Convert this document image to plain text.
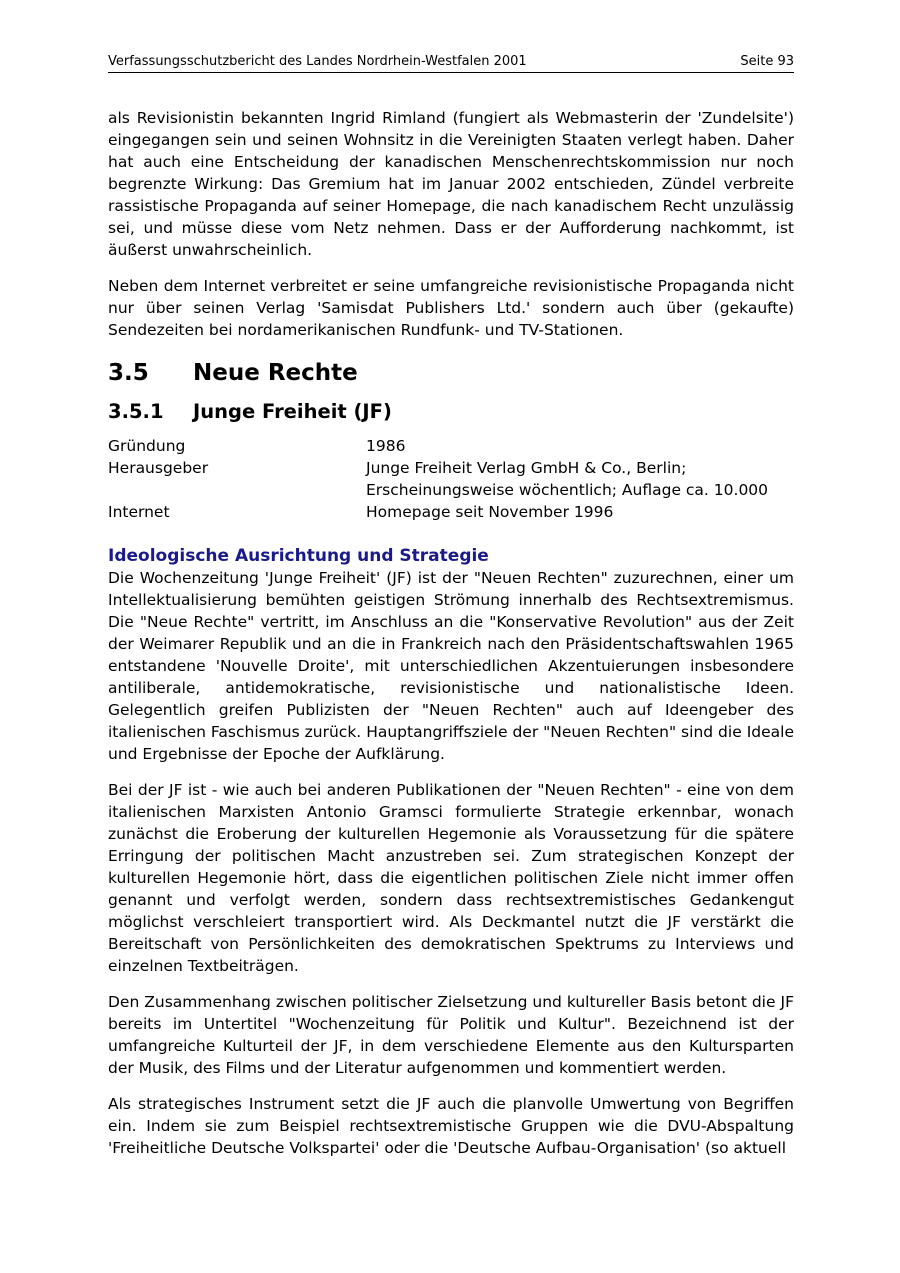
Verfassungsschutzbericht des Landes Nordrhein-Westfalen 2001	Seite 93

als Revisionistin bekannten Ingrid Rimland (fungiert als Webmasterin der 'Zundelsite') eingegangen sein und seinen Wohnsitz in die Vereinigten Staaten verlegt haben. Daher hat auch eine Entscheidung der kanadischen Menschenrechtskommission nur noch begrenzte Wirkung: Das Gremium hat im Januar 2002 entschieden, Zündel verbreite rassistische Propaganda auf seiner Homepage, die nach kanadischem Recht unzulässig sei, und müsse diese vom Netz nehmen. Dass er der Aufforderung nachkommt, ist äußerst unwahrscheinlich.

Neben dem Internet verbreitet er seine umfangreiche revisionistische Propaganda nicht nur über seinen Verlag 'Samisdat Publishers Ltd.' sondern auch über (gekaufte) Sendezeiten bei nordamerikanischen Rundfunk- und TV-Stationen.

3.5 Neue Rechte
3.5.1 Junge Freiheit (JF)
Gründung	1986
Herausgeber	Junge Freiheit Verlag GmbH & Co., Berlin; Erscheinungsweise wöchentlich; Auflage ca. 10.000
Internet	Homepage seit November 1996
Ideologische Ausrichtung und Strategie

Die Wochenzeitung 'Junge Freiheit' (JF) ist der "Neuen Rechten" zuzurechnen, einer um Intellektualisierung bemühten geistigen Strömung innerhalb des Rechtsextremismus. Die "Neue Rechte" vertritt, im Anschluss an die "Konservative Revolution" aus der Zeit der Weimarer Republik und an die in Frankreich nach den Präsidentschaftswahlen 1965 entstandene 'Nouvelle Droite', mit unterschiedlichen Akzentuierungen insbesondere antiliberale, antidemokratische, revisionistische und nationalistische Ideen. Gelegentlich greifen Publizisten der "Neuen Rechten" auch auf Ideengeber des italienischen Faschismus zurück. Hauptangriffsziele der "Neuen Rechten" sind die Ideale und Ergebnisse der Epoche der Aufklärung.

Bei der JF ist - wie auch bei anderen Publikationen der "Neuen Rechten" - eine von dem italienischen Marxisten Antonio Gramsci formulierte Strategie erkennbar, wonach zunächst die Eroberung der kulturellen Hegemonie als Voraussetzung für die spätere Erringung der politischen Macht anzustreben sei. Zum strategischen Konzept der kulturellen Hegemonie hört, dass die eigentlichen politischen Ziele nicht immer offen genannt und verfolgt werden, sondern dass rechtsextremistisches Gedankengut möglichst verschleiert transportiert wird. Als Deckmantel nutzt die JF verstärkt die Bereitschaft von Persönlichkeiten des demokratischen Spektrums zu Interviews und einzelnen Textbeiträgen.

Den Zusammenhang zwischen politischer Zielsetzung und kultureller Basis betont die JF bereits im Untertitel "Wochenzeitung für Politik und Kultur". Bezeichnend ist der umfangreiche Kulturteil der JF, in dem verschiedene Elemente aus den Kultursparten der Musik, des Films und der Literatur aufgenommen und kommentiert werden.

Als strategisches Instrument setzt die JF auch die planvolle Umwertung von Begriffen ein. Indem sie zum Beispiel rechtsextremistische Gruppen wie die DVU-Abspaltung 'Freiheitliche Deutsche Volkspartei' oder die 'Deutsche Aufbau-Organisation' (so aktuell
